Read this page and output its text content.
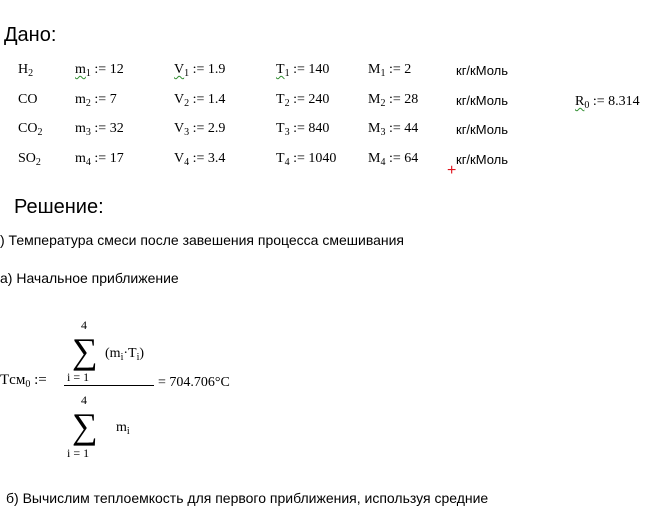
Дано:
$H_2$	$m_1$ := 12	$V_1$ := 1.9	$T_1$ := 140	$M_1$ := 2	кг/кМоль
CO	$m_2$ := 7	$V_2$ := 1.4	$T_2$ := 240	$M_2$ := 28	кг/кМоль
$CO_2$ $m_3$ := 32	$V_3$ := 2.9	$T_3$ := 840	$M_3$ := 44	кг/кМоль
$SO_2$ $m_4$ := 17	$V_4$ := 3.4	$T_4$ := 1040 $M_4$ := 64	кг/кМоль
$R_0$ := 8.314
+
Решение:
) Температура смеси после завешения процесса смешивания
а) Начальное приближение
Tсм$_0$ :=
4
∑
i = 1
$(m_i\cdot T_i)$
4
∑
i = 1
$m_i$
= 704.706°C
б) Вычислим теплоемкость для первого приближения, используя средние
